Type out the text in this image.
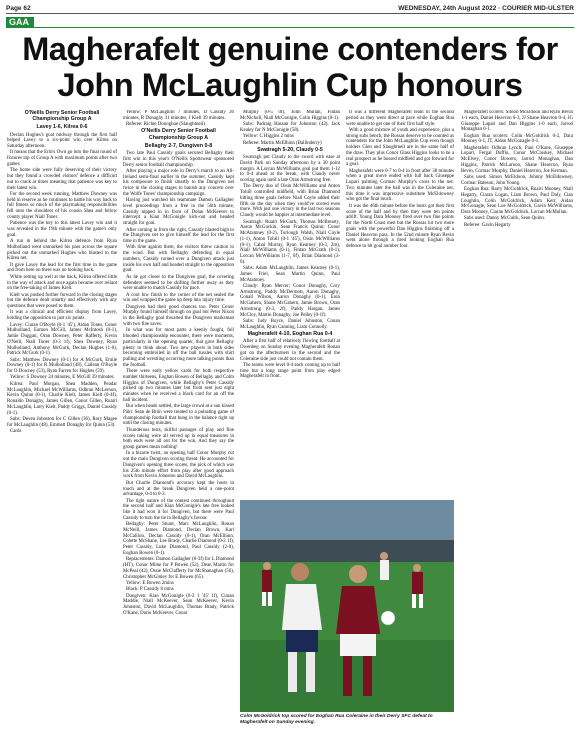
Page 62	WEDNESDAY, 24th August 2022 · COURIER MID-ULSTER
GAA
Magherafelt genuine contenders for John McLaughlin Cup honours
O'Neills Derry Senior Football Championship Group A
Lavey 1-6, Kilrea 0-6

Declan Hughes's goal midway through the first half helped Lavey to a six-point win over Kilrea on Saturday afternoon.

It means that the Erin's Own go into the final round of fixtures top of Group A with maximum points after two games.

The home side were fully deserving of their victory but they found a crowded visitors' defence a difficult nut to crack at times meaning that patience was key to their latest win.

For the second week running, Matthew Downey was held in reserve as he continues to battle his way back to full fitness so much of the playmaking responsibilities fell onto the shoulders of his cousin Shea and fellow county player Niall Toner.

Patience was the key to this latest Lavey win and it was revealed in the 19th minute with the game's only goal.

A run in behind the Kilrea defence from Ryan Mulholland went unmarked his pass across the square picked out the unmarked Hughes who blasted to the Kilrea net.

It gave Lavey the lead for the first time in the game and from here on there was no looking back.

While setting up well at the back, Kilrea offered little in the way of attack and once again became over reliant on the free-taking of James Kielt.

Kielt was pushed further forward in the closing stages but the defence dealt smartly and effectively with any questions that were posed to them.

It was a clinical and efficient display from Lavey, holding the opposition to just six points.

Lavey: Ciaran O'Boyle (0-1 '45'), Aidan Tones, Conor Mulholland, Eamon McGill, James McIntosh (0-1), Jamie Duggan, Oran Downey, Peter Rafferty, Kevin O'Neill, Niall Toner (0-3 1f), Shea Downey, Ryan Mulholland, Anthony McGurk, Declan Hughes (1-0), Patrick McGurk (0-1).

Subs: Matthew Downey (0-1) for A McGurk, Emile Downey (0-1) for R Mulholland (48), Cailean O'Boyle for O Downey (53), Ryan Farren for Hughes (59).

Yellow: S Downey 24 minutes, E McGill 39 minutes.

Kilrea: Paul Morgan, Shea Madden, Peadar McLaughlin, Michael McWilliams, Odhran McLernon, Kevin Quinn (0-1), Charlie Kielt, James Kielt (0-4f), Ronaldo Donaghy, James Gillen, Conor Gillen, Ruairi McLaughlin, Larry Kielt, Paddy Griggs, Daniel Cassidy (0-1).

Subs: Deven Johnston for C Gillen (36), Rory Magee for McLaughlin (48), Emmett Donaghy for Quinn (53).

Cards

Yellow: P McLaughlin 7 minutes, D Cassidy 26 minutes, R Donaghy 31 minutes, J Kielt 39 minutes.

Referee: Richie Donoghue (Slaughtneil)

O'Neills Derry Senior Football Championship Group A
Bellaghy 2-7, Dungiven 0-8

Two late Paul Cassidy goals secured Bellaghy their first win in this year's O'Neills Sportswear sponsored Derry senior football championship.

After playing a major role in Derry's march to an All-Ireland semi-final earlier in the summer, Cassidy kept his composure to finish smartly to the Dungiven net twice in the closing stages to banish any concern over the Wolfe Tones' championship campaign.

Having just watched his teammate Damon Gallagher level proceedings from a free in the 56th minute, Cassidy nipped in in front of Dolan McKeever to intercept a Kian McGonigle kick-out and headed straight for goal.

After coming in from the right, Cassidy blasted high to the Dungiven net to give himself the lead for the first time in the game.

With time against them, the visitors threw caution to the wind. But with Bellaghy defending in equal numbers, Cassidy turned over a Dungiven attack just inside his own half and headed straight to the opposition goal.

As he got closer to the Dungiven goal, the covering defenders seemed to be shifting further away as they were unable to match Cassidy for pace.

A cool low finish to the corner of the net sealed the win and wrapped the game up deep into injury time.

Dungiven had their good chances too. Peter Conor Murphy found himself through on goal but Peter Nixon in the Bellaghy goal thwarted the Dungiven marksman with two fine saves.

In what was for most parts a keenly fought, full blooded championship encounter, there were moments, particularly in the opening quarter, that gave Bellaghy plenty to think about. Two new players in both sides becoming embroiled in off the ball tussles with shirt pulling and wrestling occurring more talking points than the football.

There were early yellow cards for both respective number thirteens, Eoghan Bowen of Bellaghy and Colm Higgins of Dungiven, while Bellaghy's Peter Cassidy picked up two minutes later but from sent just eight minutes when he received a black card for an off the ball incident.

But when heads settled, the large crowd at a sun kissed Páirc Seán de Brún were treated to a pulsating game of championship football that hung in the balance right up until the closing minutes.

Thunderous tests, skilful passages of play and fine scores taking were all served up in equal measures in both ends were all out for the win. And they say the group games mean nothing!

In a bizarre twist, an opening half Conor Murphy cut out the main Dungiven scoring threat. He accounted for Dungiven's opening three scores, the pick of which was his 25th minute effort from play after good approach work from Kevin Johnston and David McLaughlin.

But Charlie Diamond's accuracy kept the hosts in touch and at the break Dungiven held a one-point advantage, 0-4 to 0-3.

The tight nature of the contest continued throughout the second half and Kian McGonigle's late free looked like it had won it for Dungiven, but there were Paul Cassidy to turn the tie in Bellaghy's favour.

Bellaghy: Peter Stuart, Marc McLaughlin, Ronan McNeill, James Diamond, Declan Brown, Karl McCallion, Declan Cassidy (0-1), Oran McElhinn, Colette McShane, Lee Brady, Charlie Diamond (0-2 1f), Peter Cassidy, Luke Diamond, Paul Cassidy (2-0), Eoghan Bowen (0-1).

Replacements: Damon Gallagher (0-3f) for L Diamond (HT), Conor Milne for P Bowen (52), Dean Martin for McPeal (42), Ossie McClafferty for McShanaghan (56), Christopher McGinley for E Bowen (65).

Yellow: E Bowen 2mins

Black: P Cassidy 8 mins

Dungiven: Kian McGonigle (0-2 1 '45' 1f), Ciaran Maddie, Niall McKeever, Sean McKeever, Kevin Johnston, David McLaughlin, Thomas Brady, Patrick O'Kane, Dario McKeever, Conor

Murphy (0-5 0f), John Mullan, Fintan McNicholl, Niall McGonigle, Colin Higgins (0-1).

Subs: Padraig Hassan for Johnston (42), Jack Kealey for N McGonigle (58).

Yellow: C Higgins 2 mins

Referee: Martin McElhinn (Ballinderry)

Swatragh 5-20, Claudy 0-5

Swatragh put Claudy to the sword with ease at Davitt Park on Sunday afternoon by a 30 point margin. A Lorcan McWilliams goal put them 1-12 to 0-4 ahead at the break, with Claudy never scoring again until a late Oran Armstrong free.

The Derry duo of Oisin McWilliams and Anton Tohill controlled midfield, with Brian Diamond hitting three goals before Niall Coyle added their fifth on the day when they could've scored even more. With just one victory in the last two seasons Claudy would be happier at intermediate level.

Swatragh: Ruairi McGurk; Thomas McBrearty, Aaron McGuckin, Sean Francis Quinn; Conor McAtamney (0-2), Turlough Walsh, Niall Coyle (1-1), Anton Tohill (0-1 '45'), Oisin McWilliams (0-1), Cahal Murray, Ryan Kearney (0-3, 2m), Niall McWilliams (0-1), Fintan McGrath (0-1), Lorcan McWilliams (1-7, 6f), Brian Diamond (3-0).

Subs: Adam McLaughlin, James Kearney (0-1), James Friel, Sean Martin Quinn, Paul McAtamney.

Claudy: Ryan Mercer; Conor Donaghy, Cory Armstrong, Paddy McDermott, Aaron Donaghy, Conall Wilson, Aaron Donaghy (0-1), Eoin McGahern, Shane McGahern, Jamie Brown, Oran Armstrong (0-3, 2f), Paddy Hargan, James McCloy, Martin Donaghy, Joe Pelley (0-1f).

Subs: Judy Boyce, Daniel Johnston, Conan McLaughlin, Ryan Canning, Liam Connolly.

Magherafelt 4-10, Eoghan Rua 0-4

After a first half of relatively flowing football at Owenbeg on Sunday evening Magherafelt Ronan got on the afterburners in the second and the Coleraine side just could not contain them.

The teams were level 0-4 each coming up to half time but a long range point from play edged Magherafelt in front.

It was a different Magherafelt team in the second period as they went direct at pace while Eoghan Rua were unable to get one of their first half style.

With a good mixture of youth and experience, plus a strong subs bench, the Rossas deserve to be counted as contenders for the John McLaughlin Cup even though holders Glen and Slaughtneil are in the same half of the draw. They plus Conor Glass Higgins looks to be a real prospect as he bossed midfield and got forward for a goal.

Magherafelt were 0-7 to 0-4 in front after 38 minutes when a great move ended with full back Giuseppe Lupari palming Cormac Murphy's cross to the net. Two minutes later the ball was in the Coleraine net, this time it was impressive substitute McEldowney who got the final touch.

It was the 46th minute before the hosts got their first score of the half and by then they were ten points adrift. Young Dara Mooney fired over two fine points for the North Coast men but the Rossas hit two more goals with the powerful Dan Higgins finishing off a Daniel Heavron pass. In the 52nd minute Ryan Bevin went alone through a tired looking Eoghan Rua defence to hit goal number four.

Magherafelt scorers: Simon McEldoon and Ryan Bevin 1-1 each, Daniel Heavron 0-3, JJ Shane Heavron 0-4, JG Giuseppe Lupari and Dan Higgins 1-0 each, Jarrod Monaghan 0-1.

Eoghan Rua scorers: Colin McGoldrick 0-2, Dara Mooney 0-1, JT, Aidan McGonagle 0-1.

Magherafelt: Odhran Lynch, Paul O'Kane, Giuseppe Lupari, Fergal Duffin, Conor McCluskey, Michael McElvey, Conor Bowers, Jarrod Monaghan, Dan Higgins, Patrick McLarnon, Shane Heavron, Ryan Bevin, Cormac Murphy, Daniel Heavron, Joe Kerman.

Subs used: Simon McEldoon, Johnny McEldowney, Cormac Bateson, John Young.

Eoghan Rua: Barry McGoldrick, Ruairi Mooney, Niall Hegarty, Ciaran Logan, Liam Brown, Paul Daly, Cian Loughlin, Colin McGoldrick, Adam Kerr, Aidan McGonagle, Sean Loe McGoldrick, Gavin McWilliams, Dara Mooney, Ciaran McGoldrick, Lorcan McMullan.

Subs used: Danny McGuirk, Sean Quinn.

Referee: Gavin Hegarty

Colm McGoldrick top scored for Eoghan Rua Coleraine in their Derry SFC defeat to Magherafelt on Sunday evening.
